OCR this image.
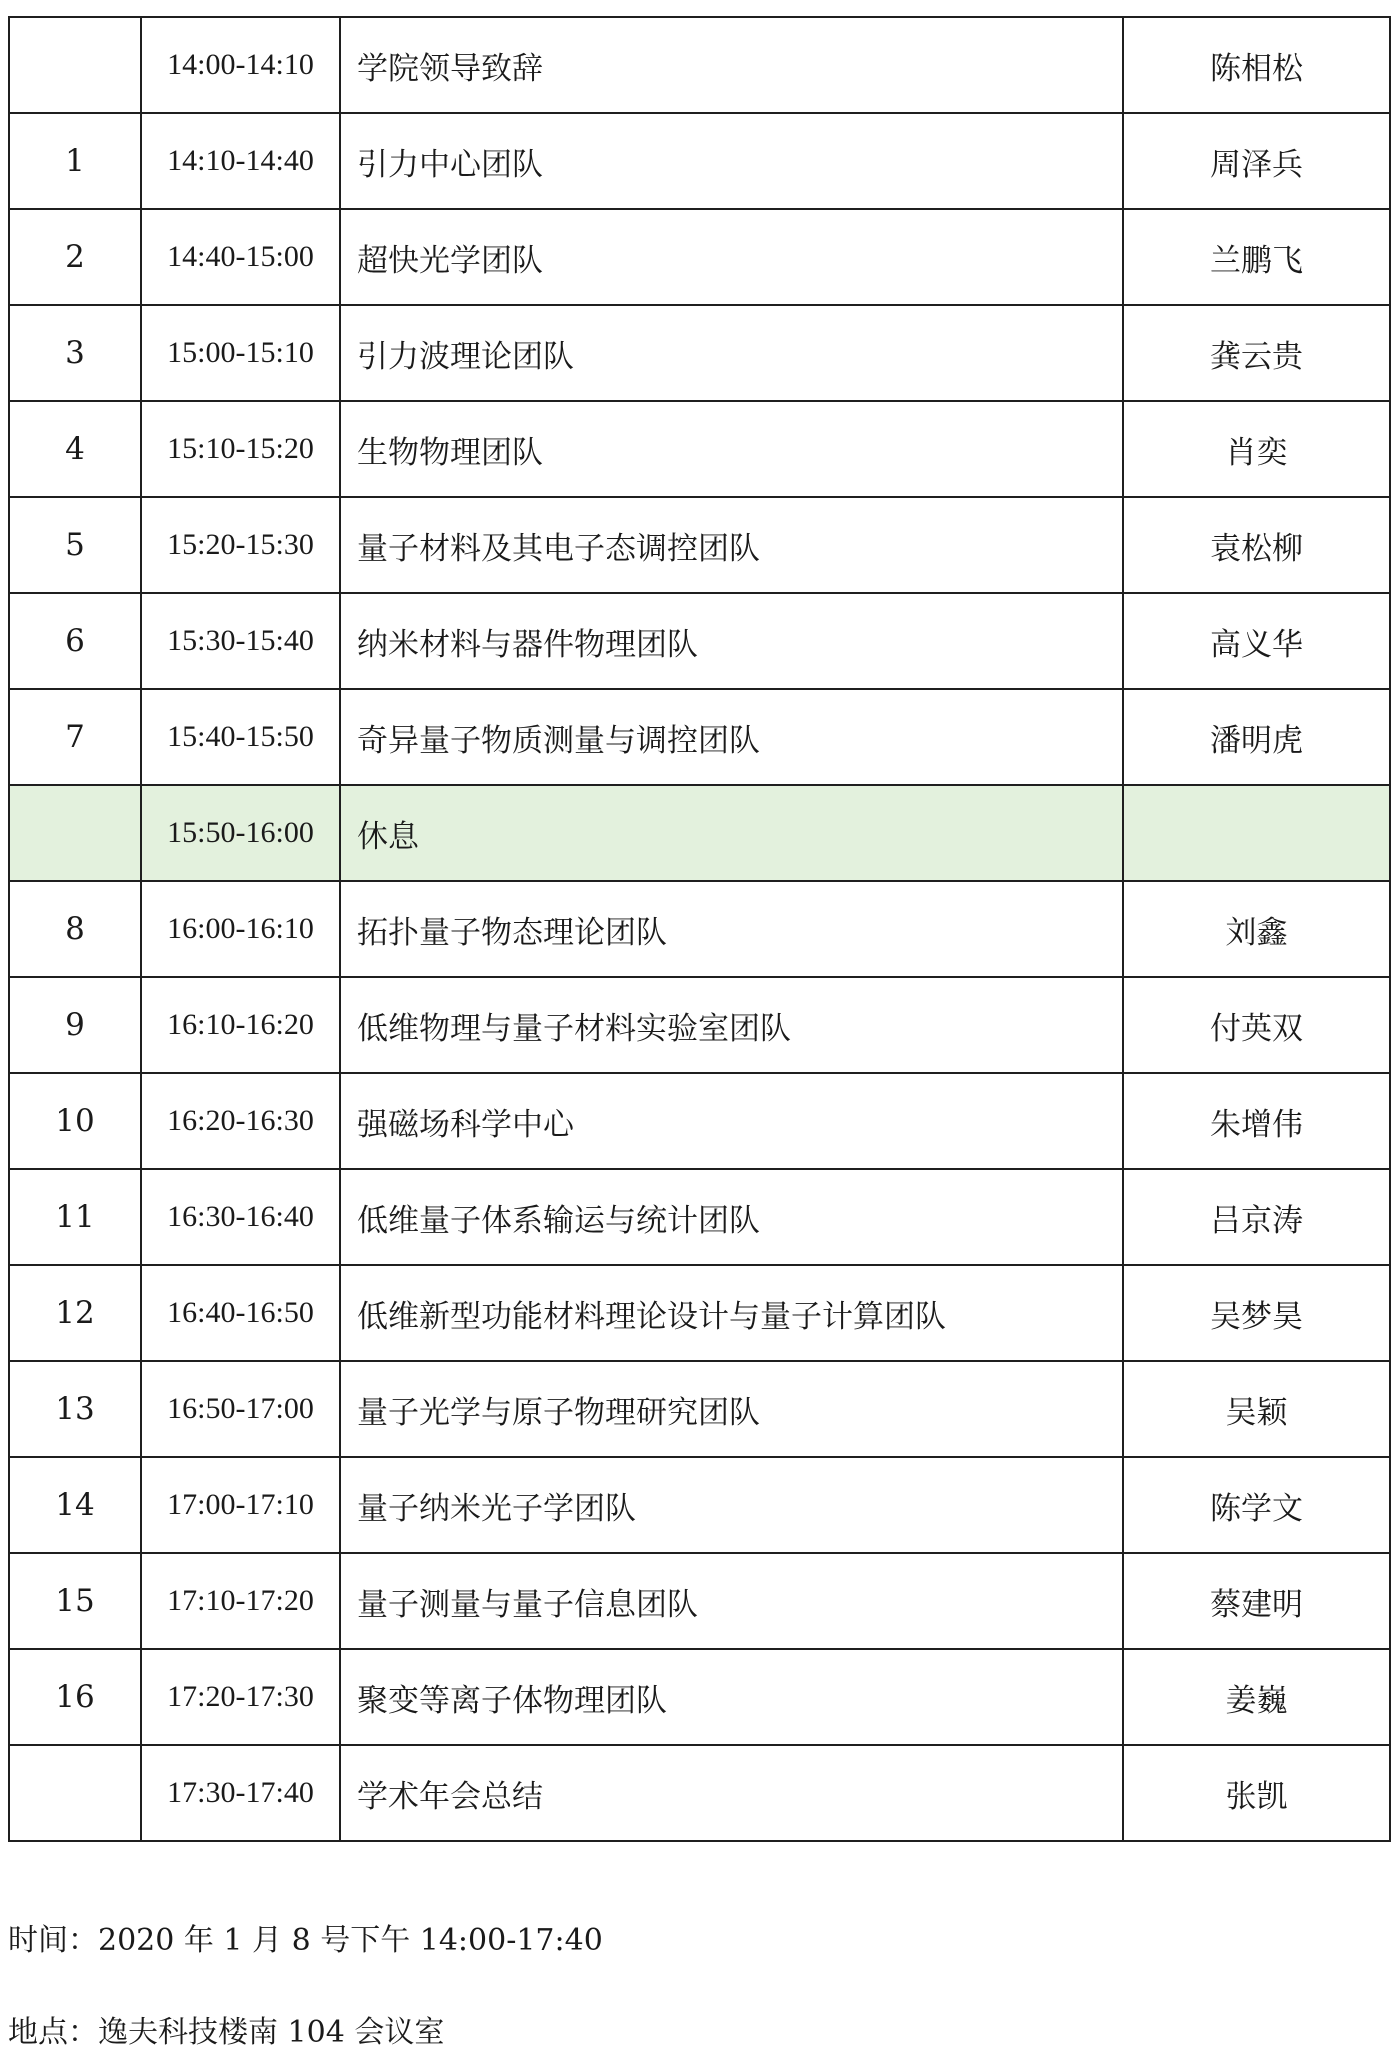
	14:00-14:10	学院领导致辞	陈相松
1	14:10-14:40	引力中心团队	周泽兵
2	14:40-15:00	超快光学团队	兰鹏飞
3	15:00-15:10	引力波理论团队	龚云贵
4	15:10-15:20	生物物理团队	肖奕
5	15:20-15:30	量子材料及其电子态调控团队	袁松柳
6	15:30-15:40	纳米材料与器件物理团队	高义华
7	15:40-15:50	奇异量子物质测量与调控团队	潘明虎
	15:50-16:00	休息	
8	16:00-16:10	拓扑量子物态理论团队	刘鑫
9	16:10-16:20	低维物理与量子材料实验室团队	付英双
10	16:20-16:30	强磁场科学中心	朱增伟
11	16:30-16:40	低维量子体系输运与统计团队	吕京涛
12	16:40-16:50	低维新型功能材料理论设计与量子计算团队	吴梦昊
13	16:50-17:00	量子光学与原子物理研究团队	吴颖
14	17:00-17:10	量子纳米光子学团队	陈学文
15	17:10-17:20	量子测量与量子信息团队	蔡建明
16	17:20-17:30	聚变等离子体物理团队	姜巍
	17:30-17:40	学术年会总结	张凯
时间：2020 年 1 月 8 号下午 14:00-17:40
地点：逸夫科技楼南 104 会议室
